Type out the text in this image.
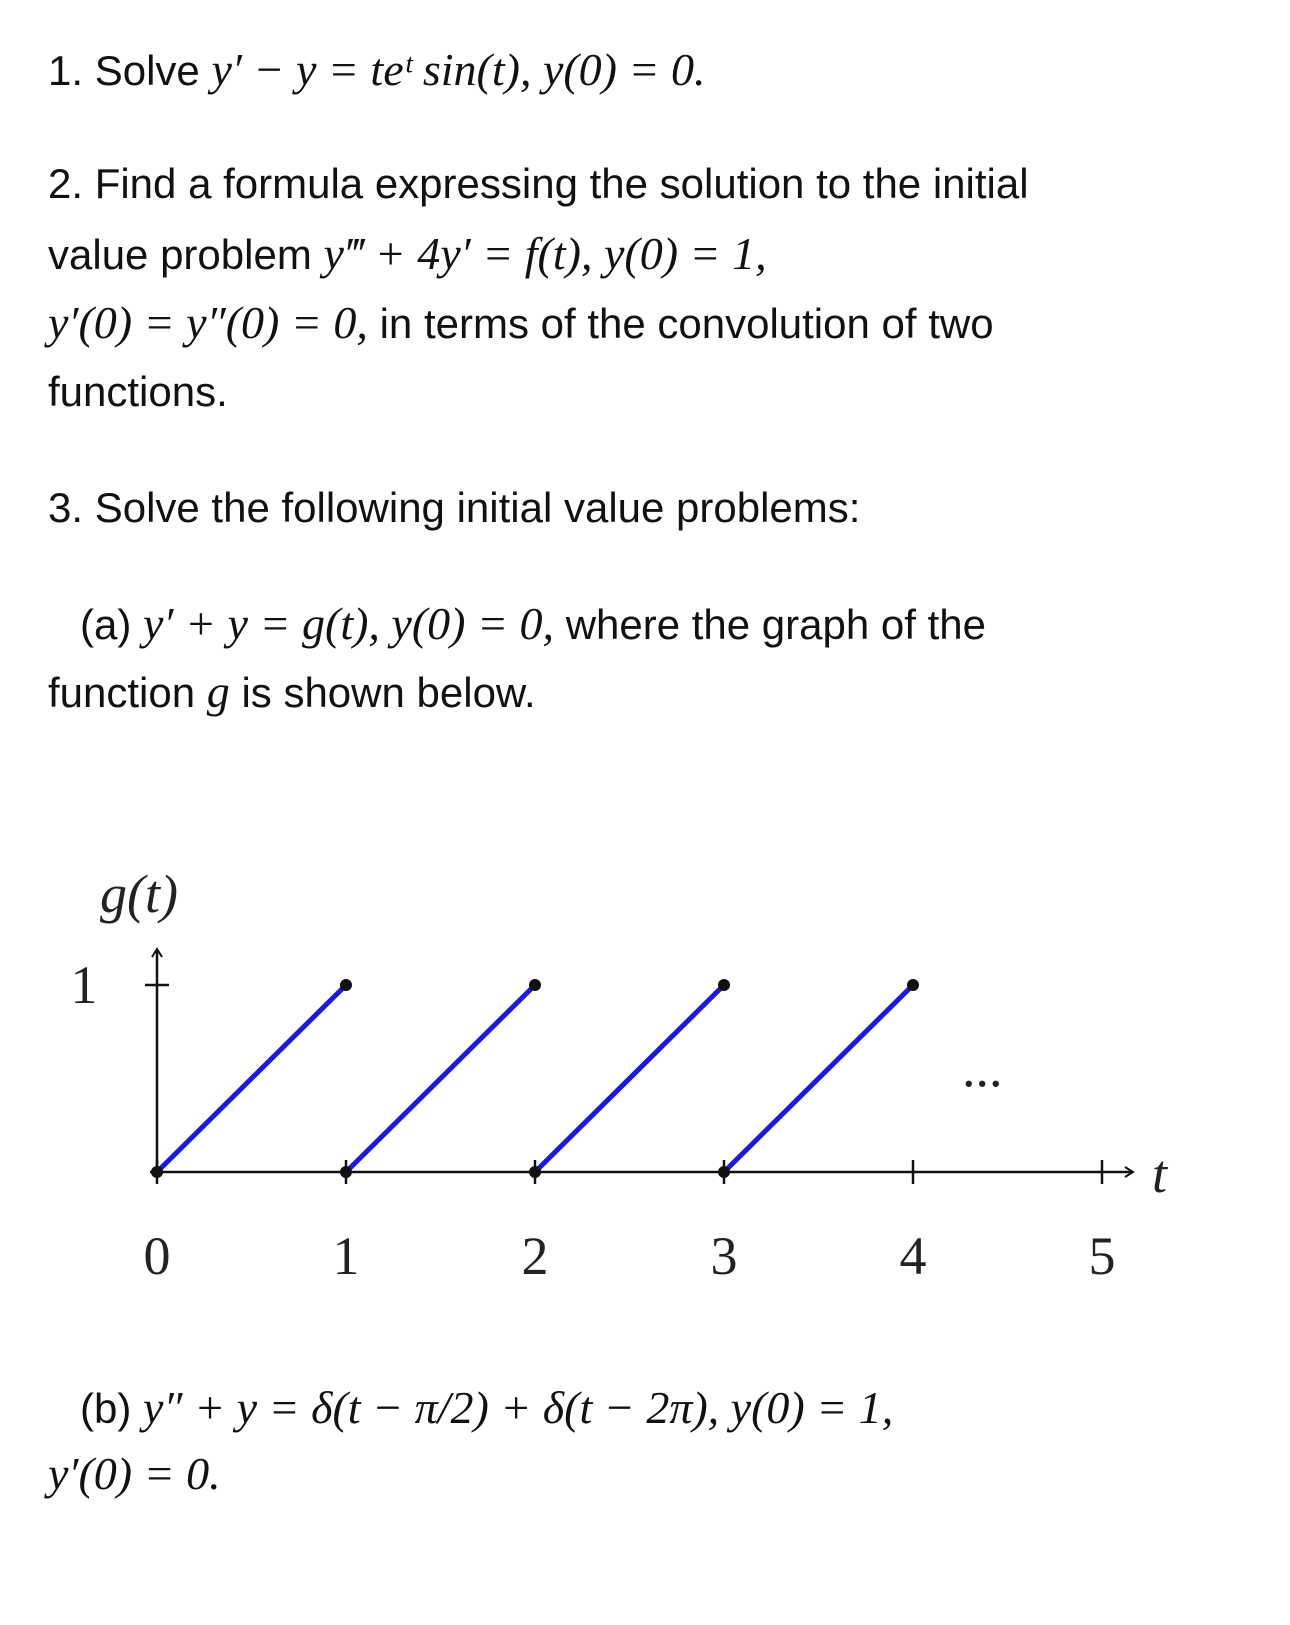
1. Solve y′ − y = tеᵗ sin(t), y(0) = 0.
2. Find a formula expressing the solution to the initial
value problem y‴ + 4y′ = f(t), y(0) = 1,
y′(0) = y″(0) = 0, in terms of the convolution of two
functions.
3. Solve the following initial value problems:
(a) y′ + y = g(t), y(0) = 0, where the graph of the
function g is shown below.
g(t)
t
...
0	1	2	3	4	5
1
(b) y″ + y = δ(t − π/2) + δ(t − 2π), y(0) = 1,
y′(0) = 0.
